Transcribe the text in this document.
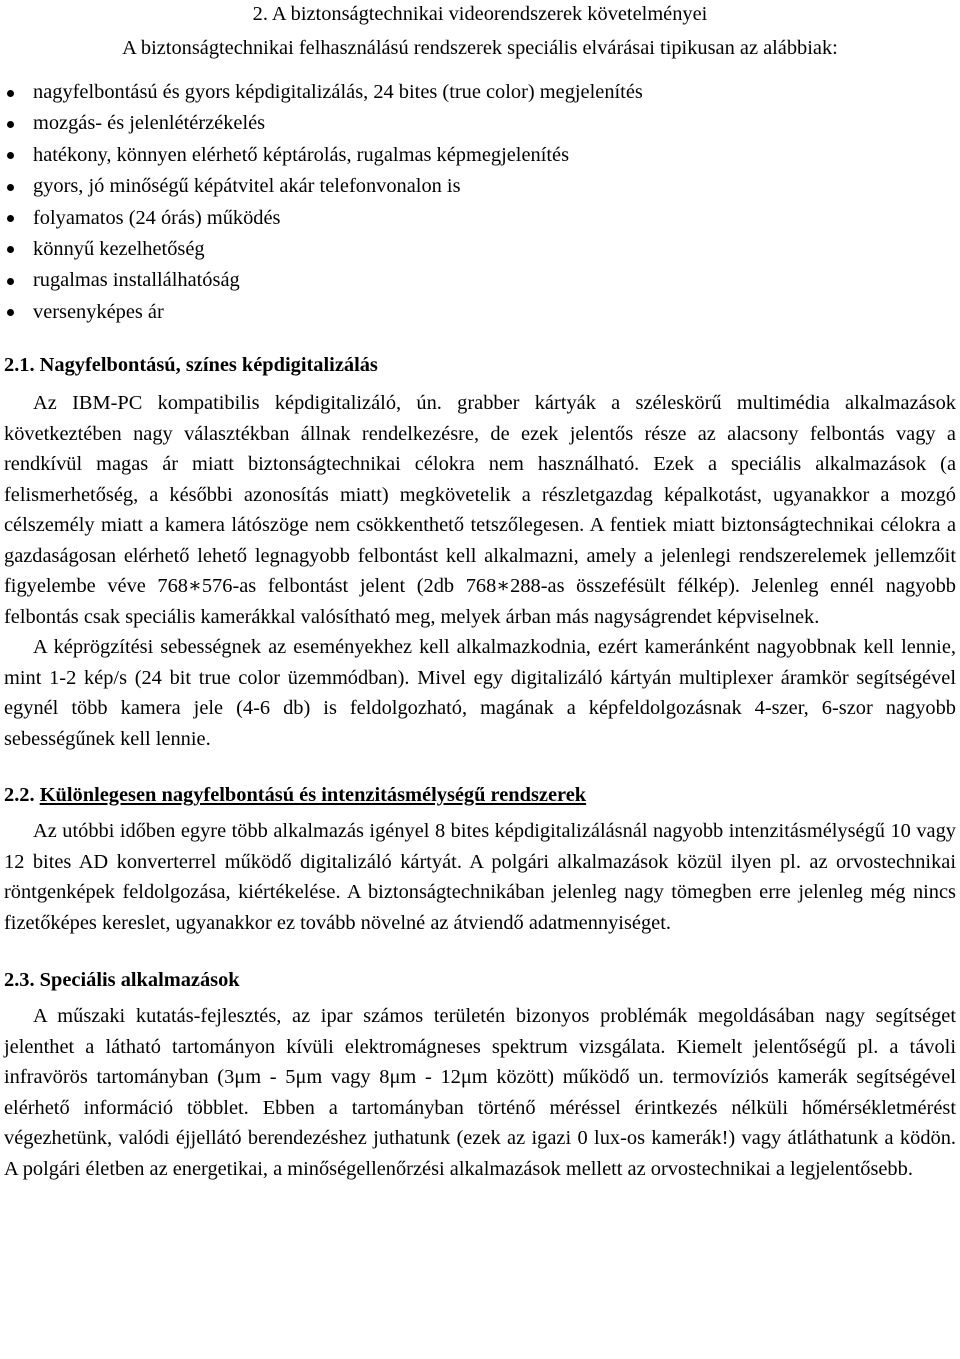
2. A biztonságtechnikai videorendszerek követelményei

A biztonságtechnikai felhasználású rendszerek speciális elvárásai tipikusan az alábbiak:

nagyfelbontású és gyors képdigitalizálás, 24 bites (true color) megjelenítés
mozgás- és jelenlétérzékelés
hatékony, könnyen elérhető képtárolás, rugalmas képmegjelenítés
gyors, jó minőségű képátvitel akár telefonvonalon is
folyamatos (24 órás) működés
könnyű kezelhetőség
rugalmas installálhatóság
versenyképes ár
2.1. Nagyfelbontású, színes képdigitalizálás

Az IBM-PC kompatibilis képdigitalizáló, ún. grabber kártyák a széleskörű multimédia alkalmazások következtében nagy választékban állnak rendelkezésre, de ezek jelentős része az alacsony felbontás vagy a rendkívül magas ár miatt biztonságtechnikai célokra nem használható. Ezek a speciális alkalmazások (a felismerhetőség, a későbbi azonosítás miatt) megkövetelik a részletgazdag képalkotást, ugyanakkor a mozgó célszemély miatt a kamera látószöge nem csökkenthető tetszőlegesen. A fentiek miatt biztonságtechnikai célokra a gazdaságosan elérhető lehető legnagyobb felbontást kell alkalmazni, amely a jelenlegi rendszerelemek jellemzőit figyelembe véve 768∗576-as felbontást jelent (2db 768∗288-as összefésült félkép). Jelenleg ennél nagyobb felbontás csak speciális kamerákkal valósítható meg, melyek árban más nagyságrendet képviselnek.

A képrögzítési sebességnek az eseményekhez kell alkalmazkodnia, ezért kameránként nagyobbnak kell lennie, mint 1-2 kép/s (24 bit true color üzemmódban). Mivel egy digitalizáló kártyán multiplexer áramkör segítségével egynél több kamera jele (4-6 db) is feldolgozható, magának a képfeldolgozásnak 4-szer, 6-szor nagyobb sebességűnek kell lennie.

2.2. Különlegesen nagyfelbontású és intenzitásmélységű rendszerek

Az utóbbi időben egyre több alkalmazás igényel 8 bites képdigitalizálásnál nagyobb intenzitásmélységű 10 vagy 12 bites AD konverterrel működő digitalizáló kártyát. A polgári alkalmazások közül ilyen pl. az orvostechnikai röntgenképek feldolgozása, kiértékelése. A biztonságtechnikában jelenleg nagy tömegben erre jelenleg még nincs fizetőképes kereslet, ugyanakkor ez tovább növelné az átviendő adatmennyiséget.

2.3. Speciális alkalmazások

A műszaki kutatás-fejlesztés, az ipar számos területén bizonyos problémák megoldásában nagy segítséget jelenthet a látható tartományon kívüli elektromágneses spektrum vizsgálata. Kiemelt jelentőségű pl. a távoli infravörös tartományban (3μm - 5μm vagy 8μm - 12μm között) működő un. termovíziós kamerák segítségével elérhető információ többlet. Ebben a tartományban történő méréssel érintkezés nélküli hőmérsékletmérést végezhetünk, valódi éjjellátó berendezéshez juthatunk (ezek az igazi 0 lux-os kamerák!) vagy átláthatunk a ködön. A polgári életben az energetikai, a minőségellenőrzési alkalmazások mellett az orvostechnikai a legjelentősebb.
